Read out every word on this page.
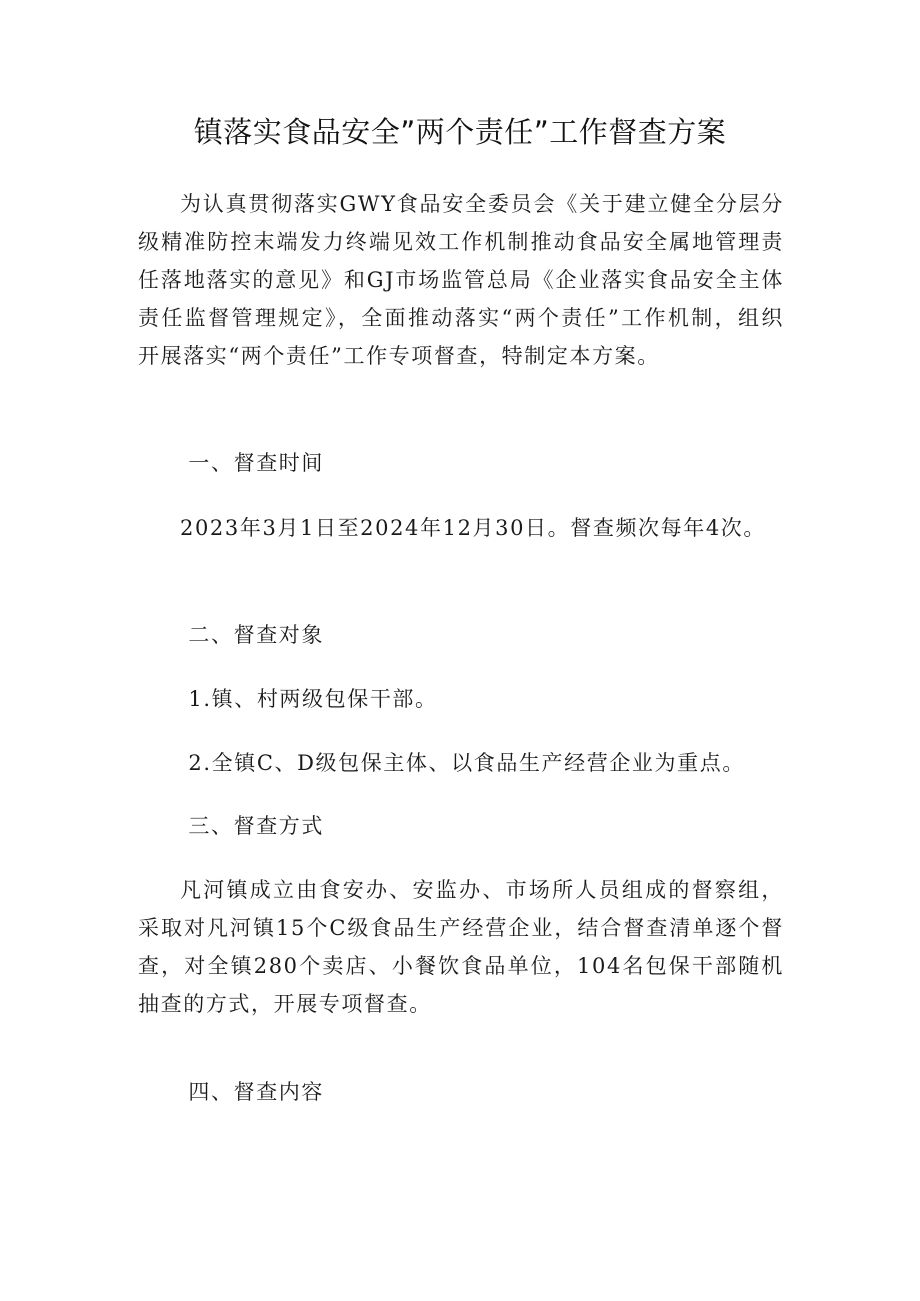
镇落实食品安全”两个责任”工作督查方案

为认真贯彻落实GWY食品安全委员会《关于建立健全分层分级精准防控末端发力终端见效工作机制推动食品安全属地管理责任落地落实的意见》和GJ市场监管总局《企业落实食品安全主体责任监督管理规定》，全面推动落实“两个责任”工作机制，组织开展落实“两个责任”工作专项督查，特制定本方案。

一、督查时间

2023年3月1日至2024年12月30日。督查频次每年4次。

二、督查对象

1.镇、村两级包保干部。

2.全镇C、D级包保主体、以食品生产经营企业为重点。

三、督查方式

凡河镇成立由食安办、安监办、市场所人员组成的督察组，采取对凡河镇15个C级食品生产经营企业，结合督查清单逐个督查，对全镇280个卖店、小餐饮食品单位，104名包保干部随机抽查的方式，开展专项督查。

四、督查内容
